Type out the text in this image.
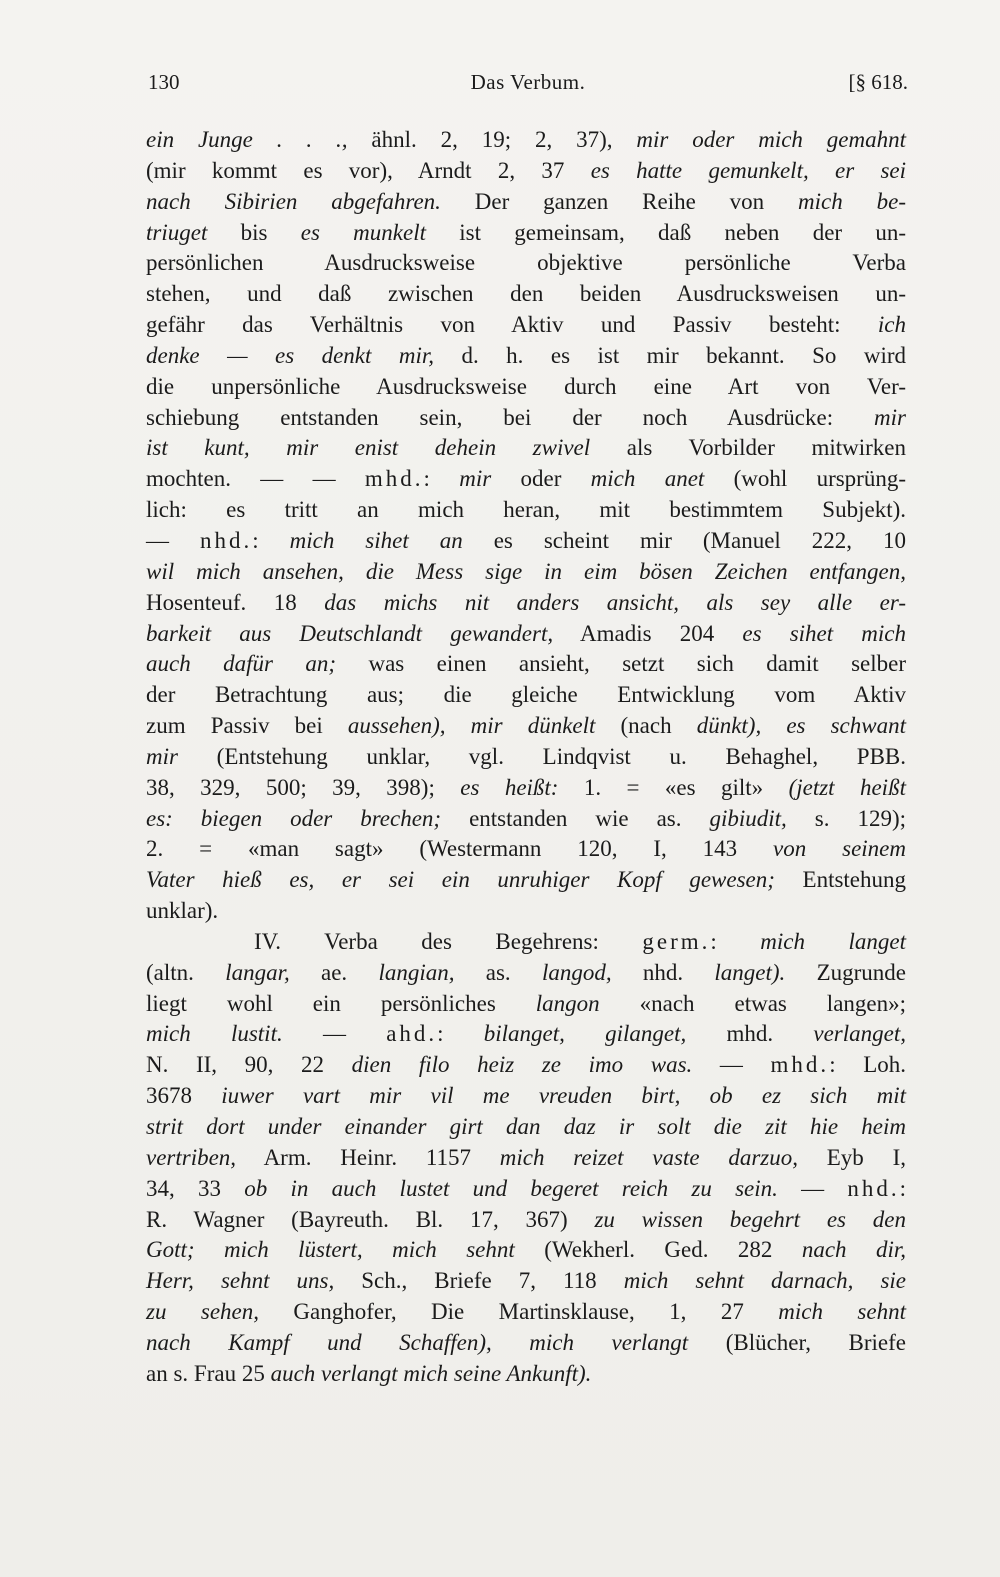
130	Das Verbum.	[§ 618.
ein Junge . . ., ähnl. 2, 19; 2, 37), mir oder mich gemahnt
(mir kommt es vor), Arndt 2, 37 es hatte gemunkelt, er sei
nach Sibirien abgefahren. Der ganzen Reihe von mich be-
triuget bis es munkelt ist gemeinsam, daß neben der un-
persönlichen Ausdrucksweise objektive persönliche Verba
stehen, und daß zwischen den beiden Ausdrucksweisen un-
gefähr das Verhältnis von Aktiv und Passiv besteht: ich
denke — es denkt mir, d. h. es ist mir bekannt. So wird
die unpersönliche Ausdrucksweise durch eine Art von Ver-
schiebung entstanden sein, bei der noch Ausdrücke: mir
ist kunt, mir enist dehein zwivel als Vorbilder mitwirken
mochten. — — mhd.: mir oder mich anet (wohl ursprüng-
lich: es tritt an mich heran, mit bestimmtem Subjekt).
— nhd.: mich sihet an es scheint mir (Manuel 222, 10
wil mich ansehen, die Mess sige in eim bösen Zeichen entfangen,
Hosenteuf. 18 das michs nit anders ansicht, als sey alle er-
barkeit aus Deutschlandt gewandert, Amadis 204 es sihet mich
auch dafür an; was einen ansieht, setzt sich damit selber
der Betrachtung aus; die gleiche Entwicklung vom Aktiv
zum Passiv bei aussehen), mir dünkelt (nach dünkt), es schwant
mir (Entstehung unklar, vgl. Lindqvist u. Behaghel, PBB.
38, 329, 500; 39, 398); es heißt: 1. = «es gilt» (jetzt heißt
es: biegen oder brechen; entstanden wie as. gibiudit, s. 129);
2. = «man sagt» (Westermann 120, I, 143 von seinem
Vater hieß es, er sei ein unruhiger Kopf gewesen; Entstehung
unklar).
IV. Verba des Begehrens: germ.: mich langet
(altn. langar, ae. langian, as. langod, nhd. langet). Zugrunde
liegt wohl ein persönliches langon «nach etwas langen»;
mich lustit. — ahd.: bilanget, gilanget, mhd. verlanget,
N. II, 90, 22 dien filo heiz ze imo was. — mhd.: Loh.
3678 iuwer vart mir vil me vreuden birt, ob ez sich mit
strit dort under einander girt dan daz ir solt die zit hie heim
vertriben, Arm. Heinr. 1157 mich reizet vaste darzuo, Eyb I,
34, 33 ob in auch lustet und begeret reich zu sein. — nhd.:
R. Wagner (Bayreuth. Bl. 17, 367) zu wissen begehrt es den
Gott; mich lüstert, mich sehnt (Wekherl. Ged. 282 nach dir,
Herr, sehnt uns, Sch., Briefe 7, 118 mich sehnt darnach, sie
zu sehen, Ganghofer, Die Martinsklause, 1, 27 mich sehnt
nach Kampf und Schaffen), mich verlangt (Blücher, Briefe
an s. Frau 25 auch verlangt mich seine Ankunft).
